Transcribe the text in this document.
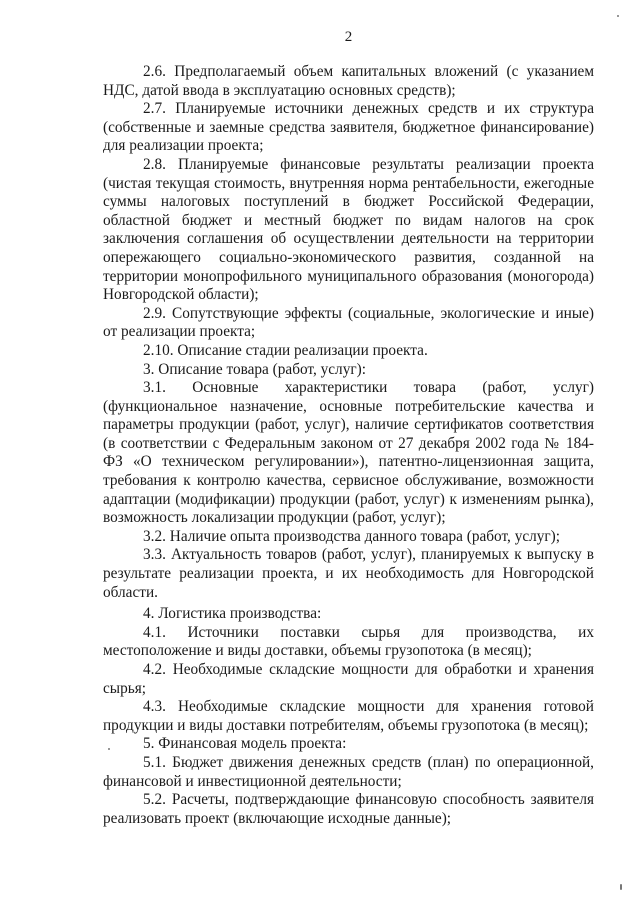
2

2.6. Предполагаемый объем капитальных вложений (с указанием НДС, датой ввода в эксплуатацию основных средств);

2.7. Планируемые источники денежных средств и их структура (собственные и заемные средства заявителя, бюджетное финансирование) для реализации проекта;

2.8. Планируемые финансовые результаты реализации проекта (чистая текущая стоимость, внутренняя норма рентабельности, ежегодные суммы налоговых поступлений в бюджет Российской Федерации, областной бюджет и местный бюджет по видам налогов на срок заключения соглашения об осуществлении деятельности на территории опережающего социально-экономического развития, созданной на территории монопрофильного муниципального образования (моногорода) Новгородской области);

2.9. Сопутствующие эффекты (социальные, экологические и иные) от реализации проекта;

2.10. Описание стадии реализации проекта.

3. Описание товара (работ, услуг):

3.1. Основные характеристики товара (работ, услуг) (функциональное назначение, основные потребительские качества и параметры продукции (работ, услуг), наличие сертификатов соответствия (в соответствии с Федеральным законом от 27 декабря 2002 года № 184-ФЗ «О техническом регулировании»), патентно-лицензионная защита, требования к контролю качества, сервисное обслуживание, возможности адаптации (модификации) продукции (работ, услуг) к изменениям рынка), возможность локализации продукции (работ, услуг);

3.2. Наличие опыта производства данного товара (работ, услуг);

3.3. Актуальность товаров (работ, услуг), планируемых к выпуску в результате реализации проекта, и их необходимость для Новгородской области.

4. Логистика производства:

4.1. Источники поставки сырья для производства, их местоположение и виды доставки, объемы грузопотока (в месяц);

4.2. Необходимые складские мощности для обработки и хранения сырья;

4.3. Необходимые складские мощности для хранения готовой продукции и виды доставки потребителям, объемы грузопотока (в месяц);

5. Финансовая модель проекта:

5.1. Бюджет движения денежных средств (план) по операционной, финансовой и инвестиционной деятельности;

5.2. Расчеты, подтверждающие финансовую способность заявителя реализовать проект (включающие исходные данные);
